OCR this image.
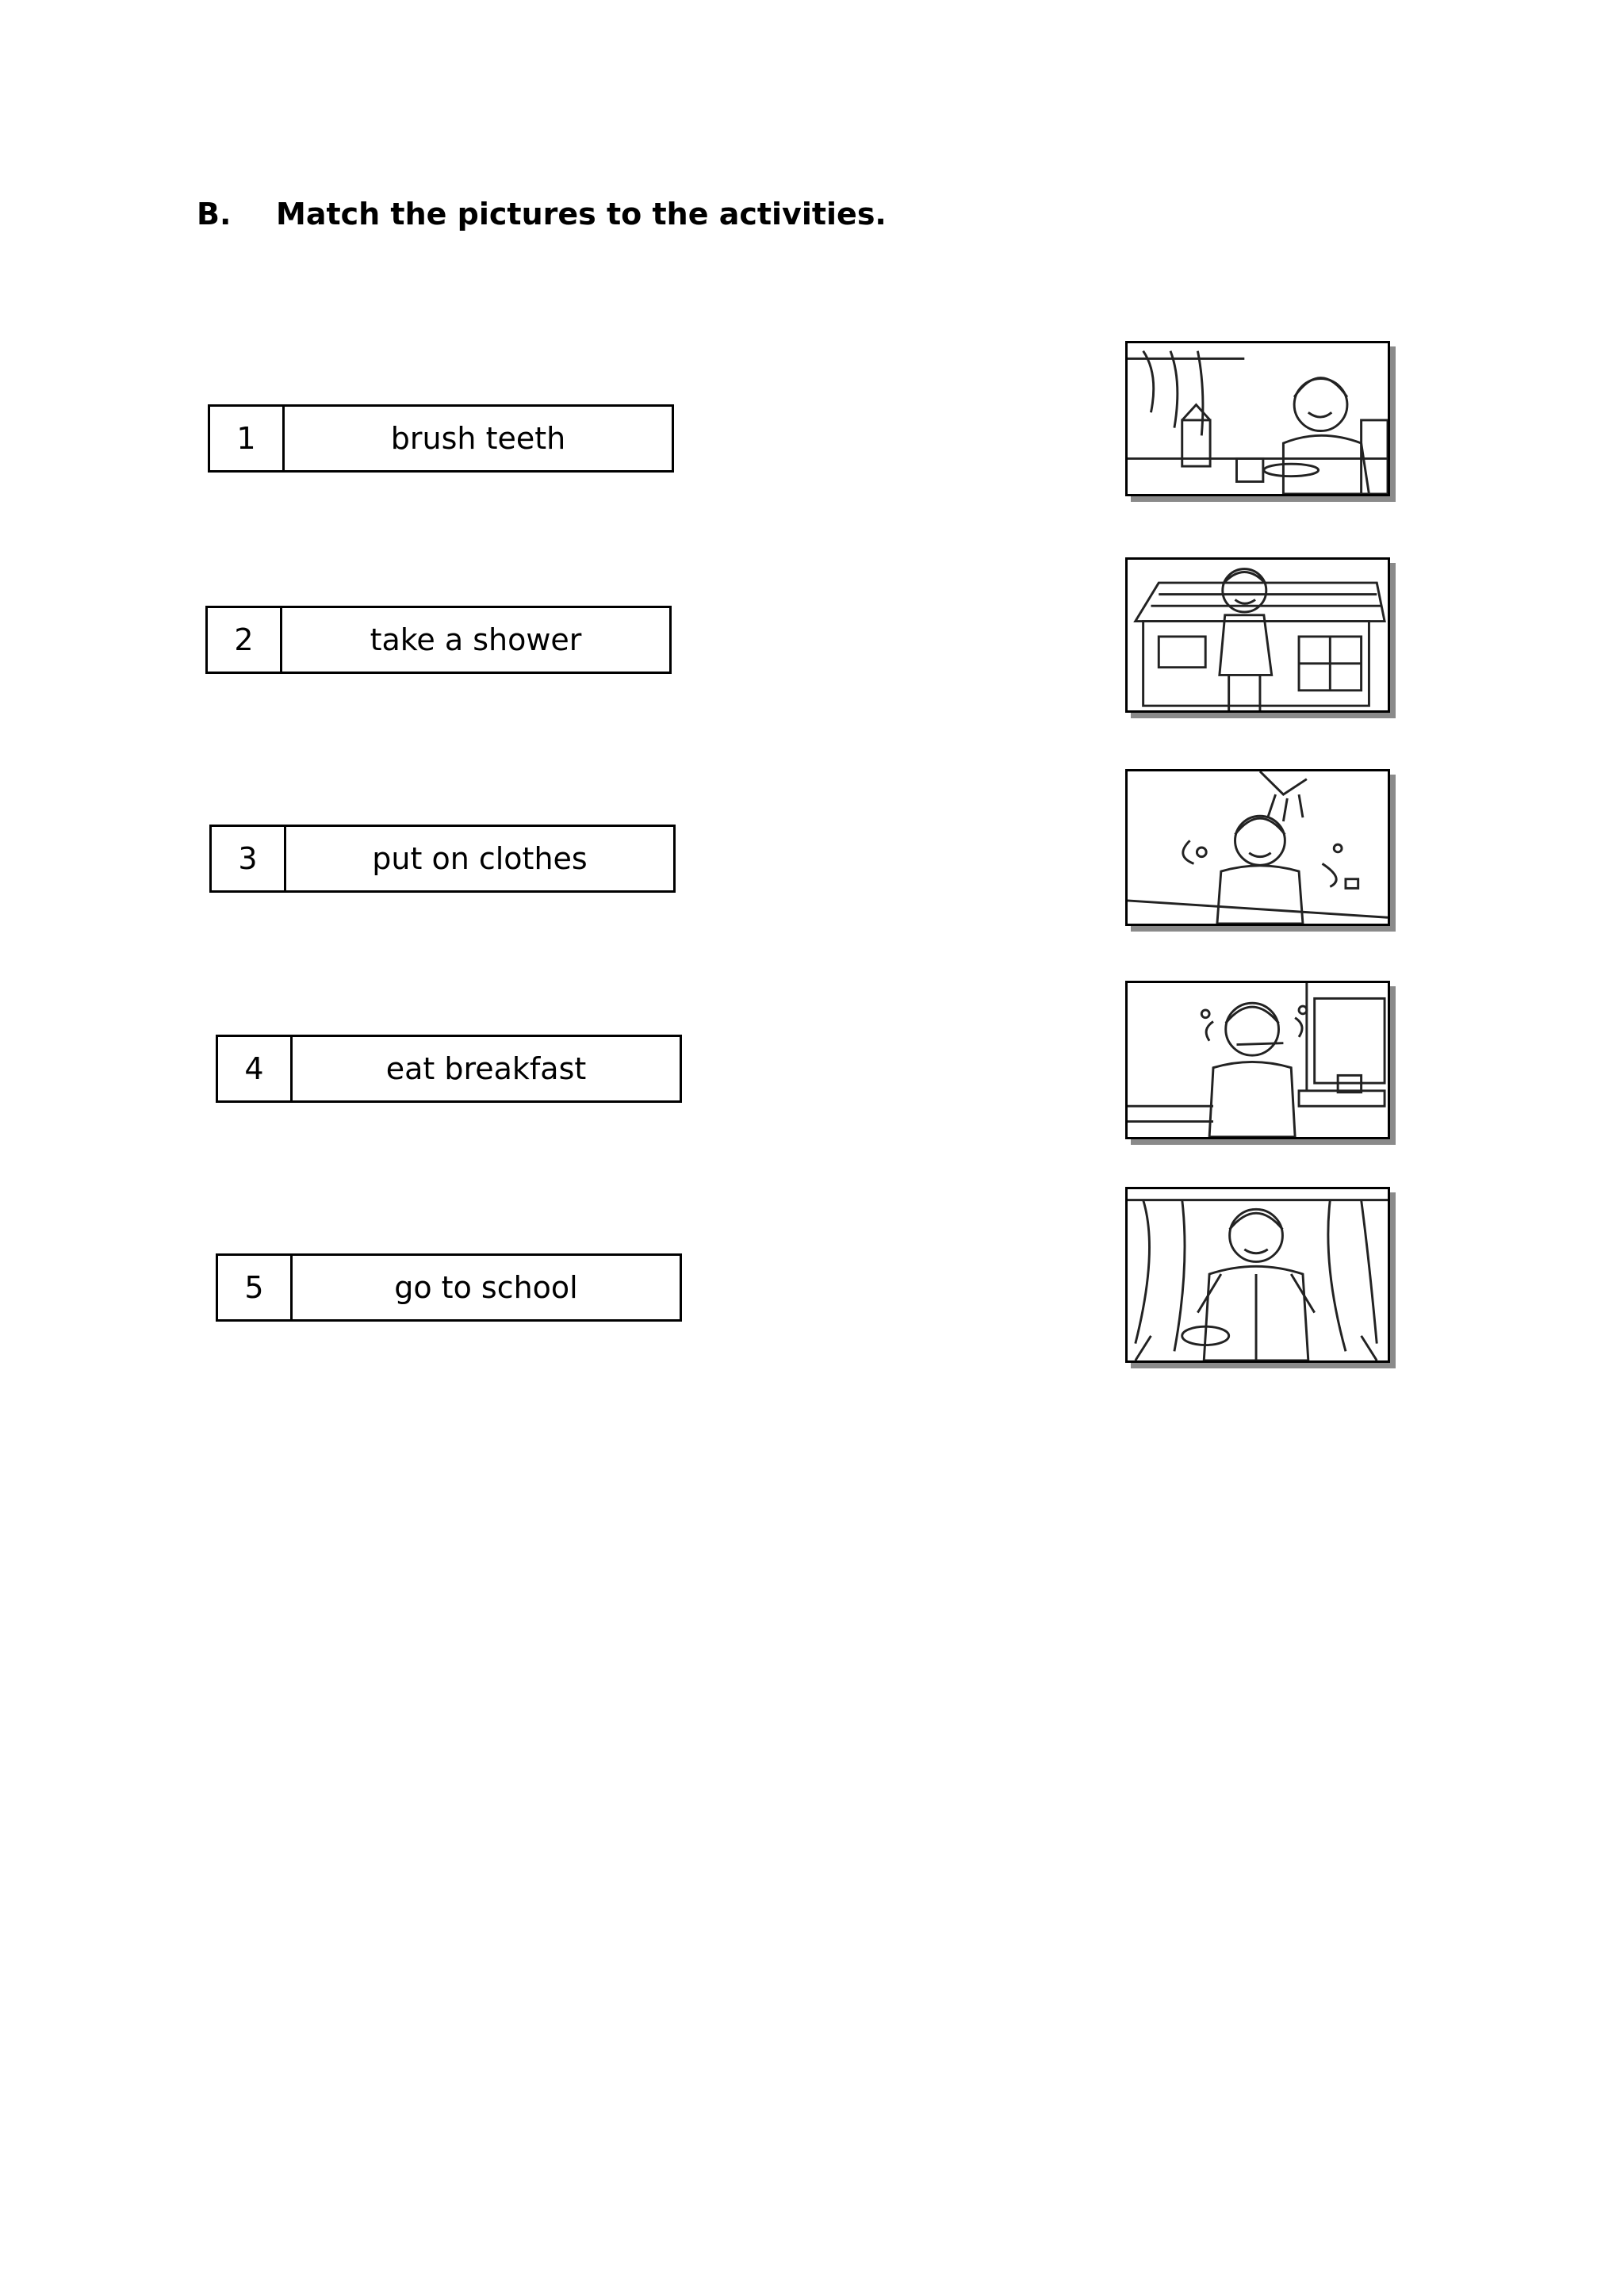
B. Match the pictures to the activities.
1	brush teeth
2	take a shower
3	put on clothes
4	eat breakfast
5	go to school
